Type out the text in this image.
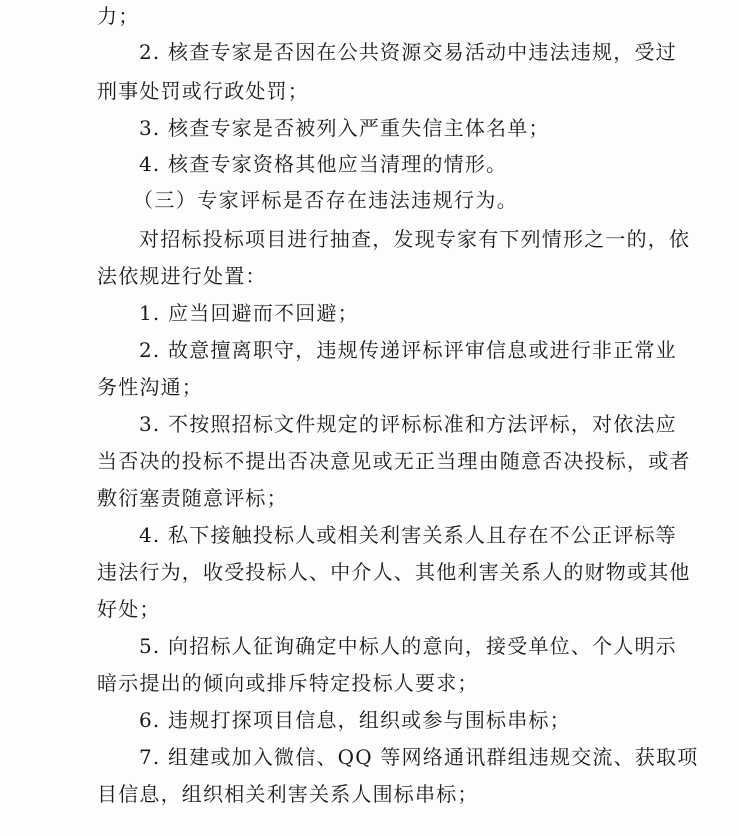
力；
2. 核查专家是否因在公共资源交易活动中违法违规，受过
刑事处罚或行政处罚；
3. 核查专家是否被列入严重失信主体名单；
4. 核查专家资格其他应当清理的情形。
（三）专家评标是否存在违法违规行为。
对招标投标项目进行抽查，发现专家有下列情形之一的，依
法依规进行处置：
1. 应当回避而不回避；
2. 故意擅离职守，违规传递评标评审信息或进行非正常业
务性沟通；
3. 不按照招标文件规定的评标标准和方法评标，对依法应
当否决的投标不提出否决意见或无正当理由随意否决投标，或者
敷衍塞责随意评标；
4. 私下接触投标人或相关利害关系人且存在不公正评标等
违法行为，收受投标人、中介人、其他利害关系人的财物或其他
好处；
5. 向招标人征询确定中标人的意向，接受单位、个人明示
暗示提出的倾向或排斥特定投标人要求；
6. 违规打探项目信息，组织或参与围标串标；
7. 组建或加入微信、QQ 等网络通讯群组违规交流、获取项
目信息，组织相关利害关系人围标串标；
